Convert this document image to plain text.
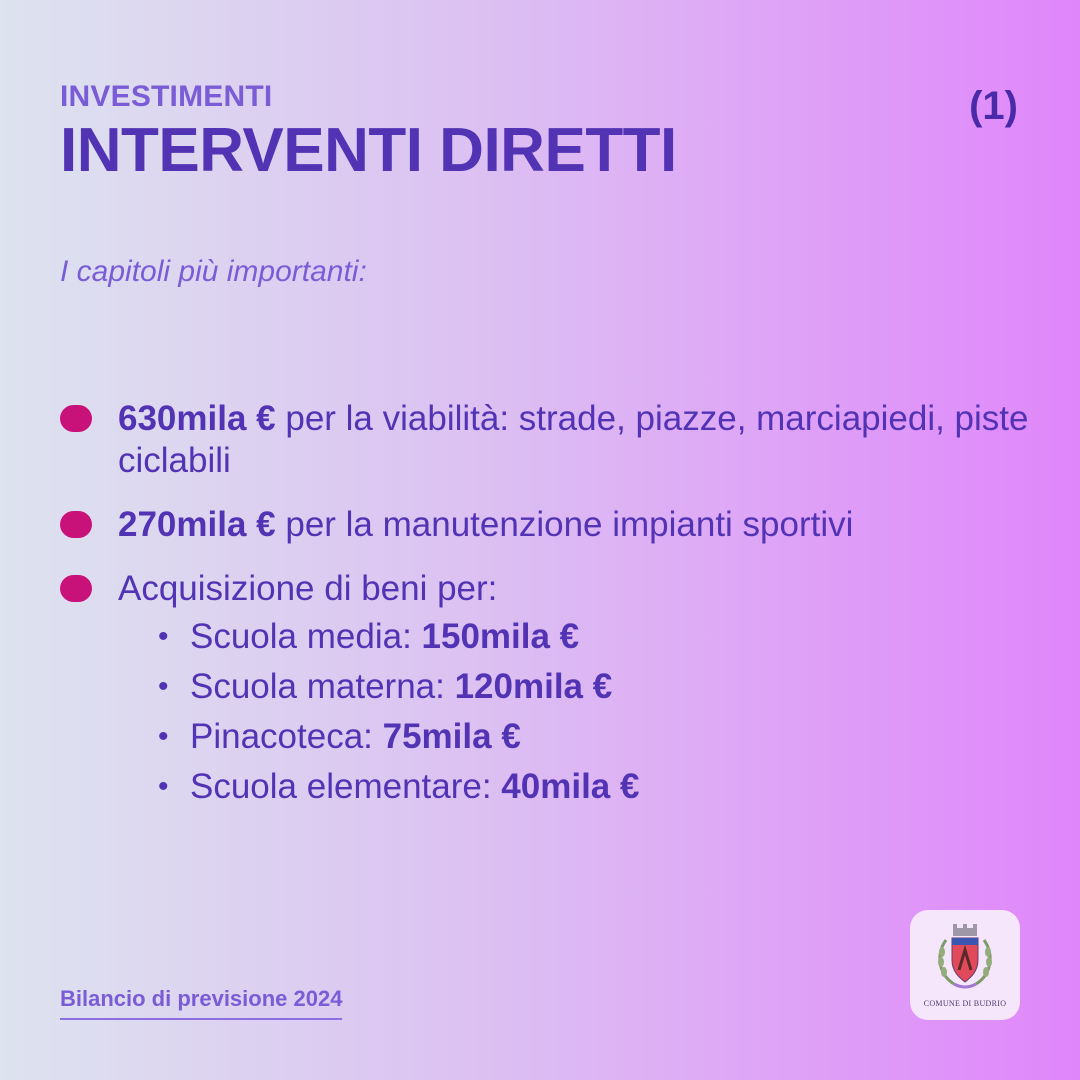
INVESTIMENTI
INTERVENTI DIRETTI
(1)
I capitoli più importanti:
630mila € per la viabilità: strade, piazze, marciapiedi, piste ciclabili
270mila € per la manutenzione impianti sportivi
Acquisizione di beni per:
• Scuola media: 150mila €
• Scuola materna: 120mila €
• Pinacoteca: 75mila €
• Scuola elementare: 40mila €
Bilancio di previsione 2024	COMUNE DI BUDRIO
